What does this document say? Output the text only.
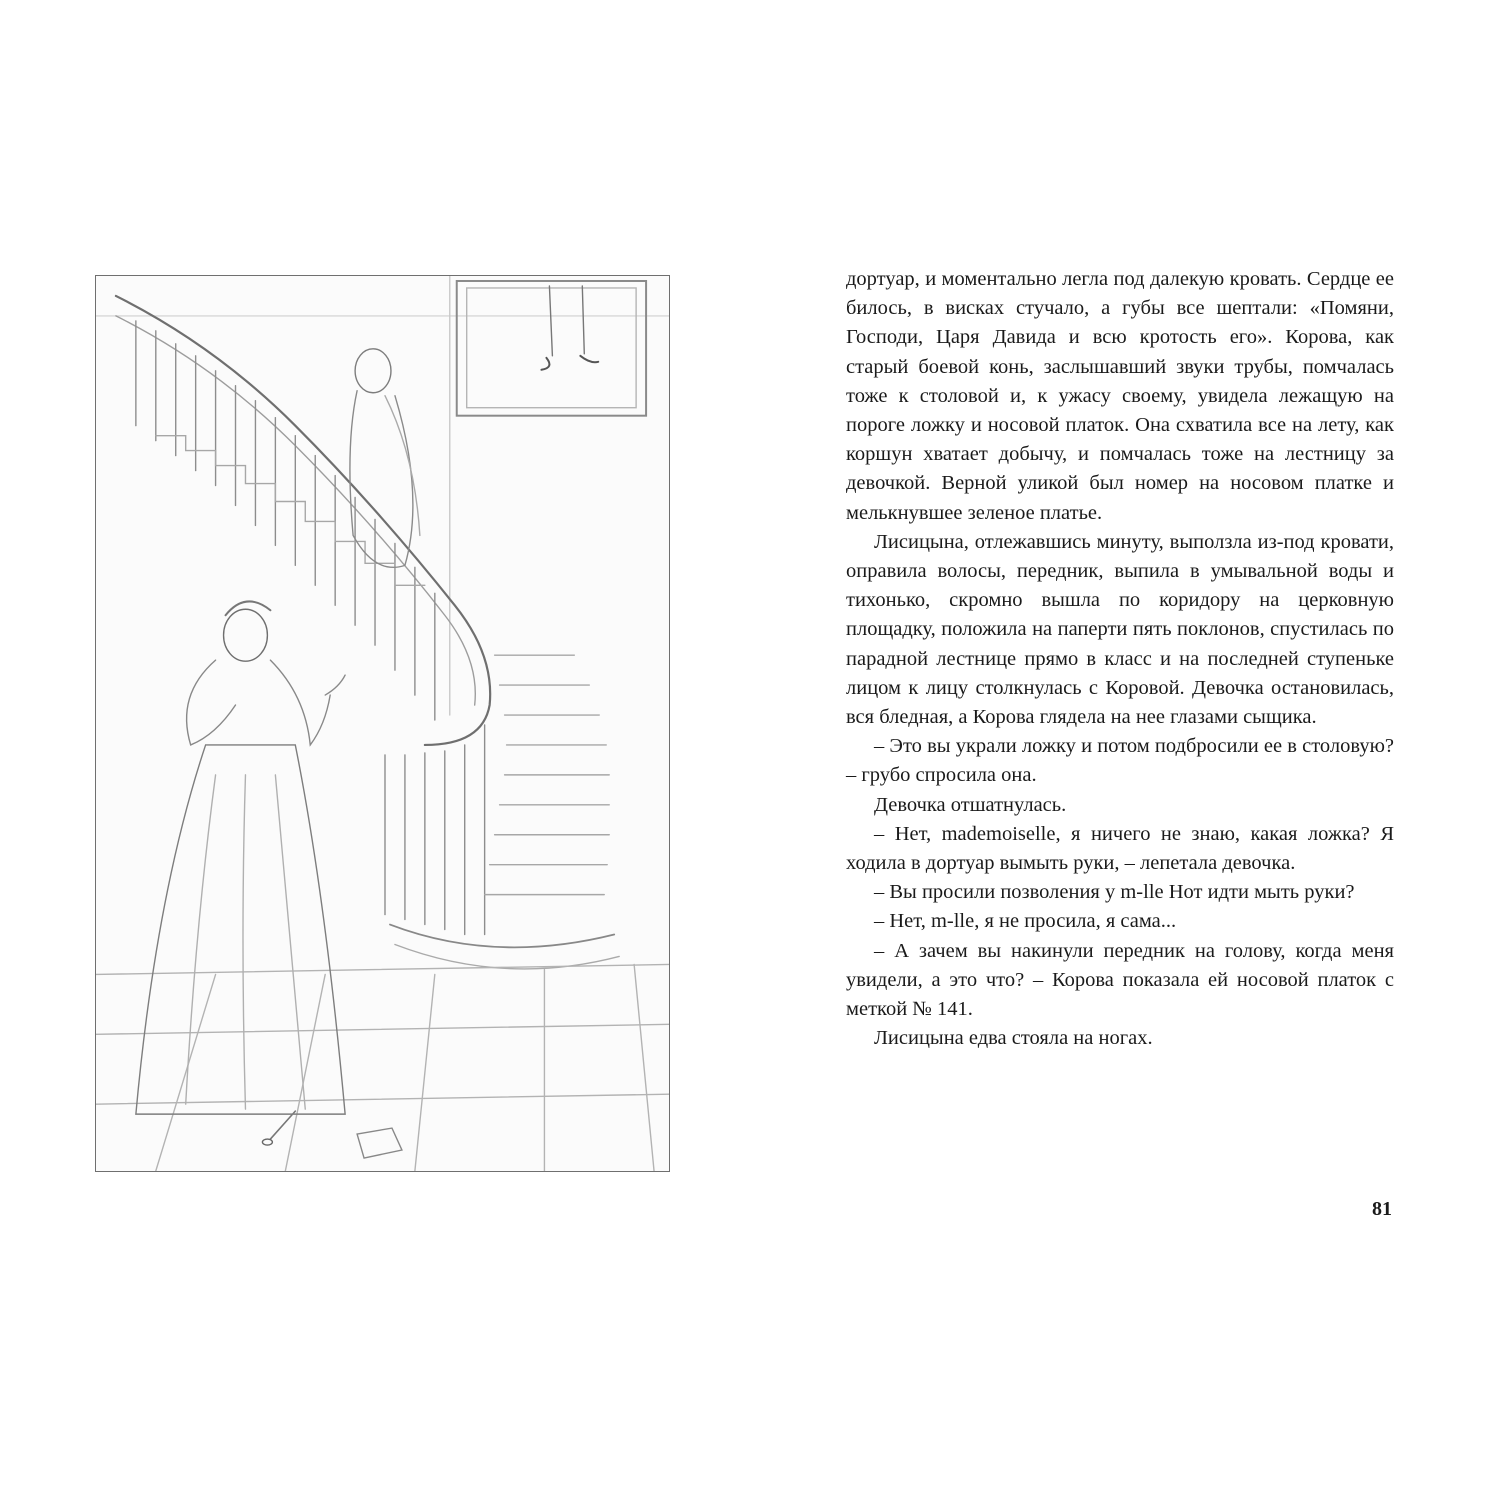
дортуар, и моментально легла под далекую кровать. Сердце ее билось, в висках стучало, а губы все шептали: «Помяни, Господи, Царя Давида и всю кротость его». Корова, как старый боевой конь, заслышавший звуки трубы, помчалась тоже к столовой и, к ужасу своему, увидела лежащую на пороге ложку и носовой платок. Она схватила все на лету, как коршун хватает добычу, и помчалась тоже на лестницу за девочкой. Верной уликой был номер на носовом платке и мелькнувшее зеленое платье.

Лисицына, отлежавшись минуту, выползла из-под кровати, оправила волосы, передник, выпила в умывальной воды и тихонько, скромно вышла по коридору на церковную площадку, положила на паперти пять поклонов, спустилась по парадной лестнице прямо в класс и на последней ступеньке лицом к лицу столкнулась с Коровой. Девочка остановилась, вся бледная, а Корова глядела на нее глазами сыщика.

– Это вы украли ложку и потом подбросили ее в столовую? – грубо спросила она.

Девочка отшатнулась.

– Нет, mademoiselle, я ничего не знаю, какая ложка? Я ходила в дортуар вымыть руки, – лепетала девочка.

– Вы просили позволения у m-lle Нот идти мыть руки?

– Нет, m-lle, я не просила, я сама...

– А зачем вы накинули передник на голову, когда меня увидели, а это что? – Корова показала ей носовой платок с меткой № 141.

Лисицына едва стояла на ногах.

81
